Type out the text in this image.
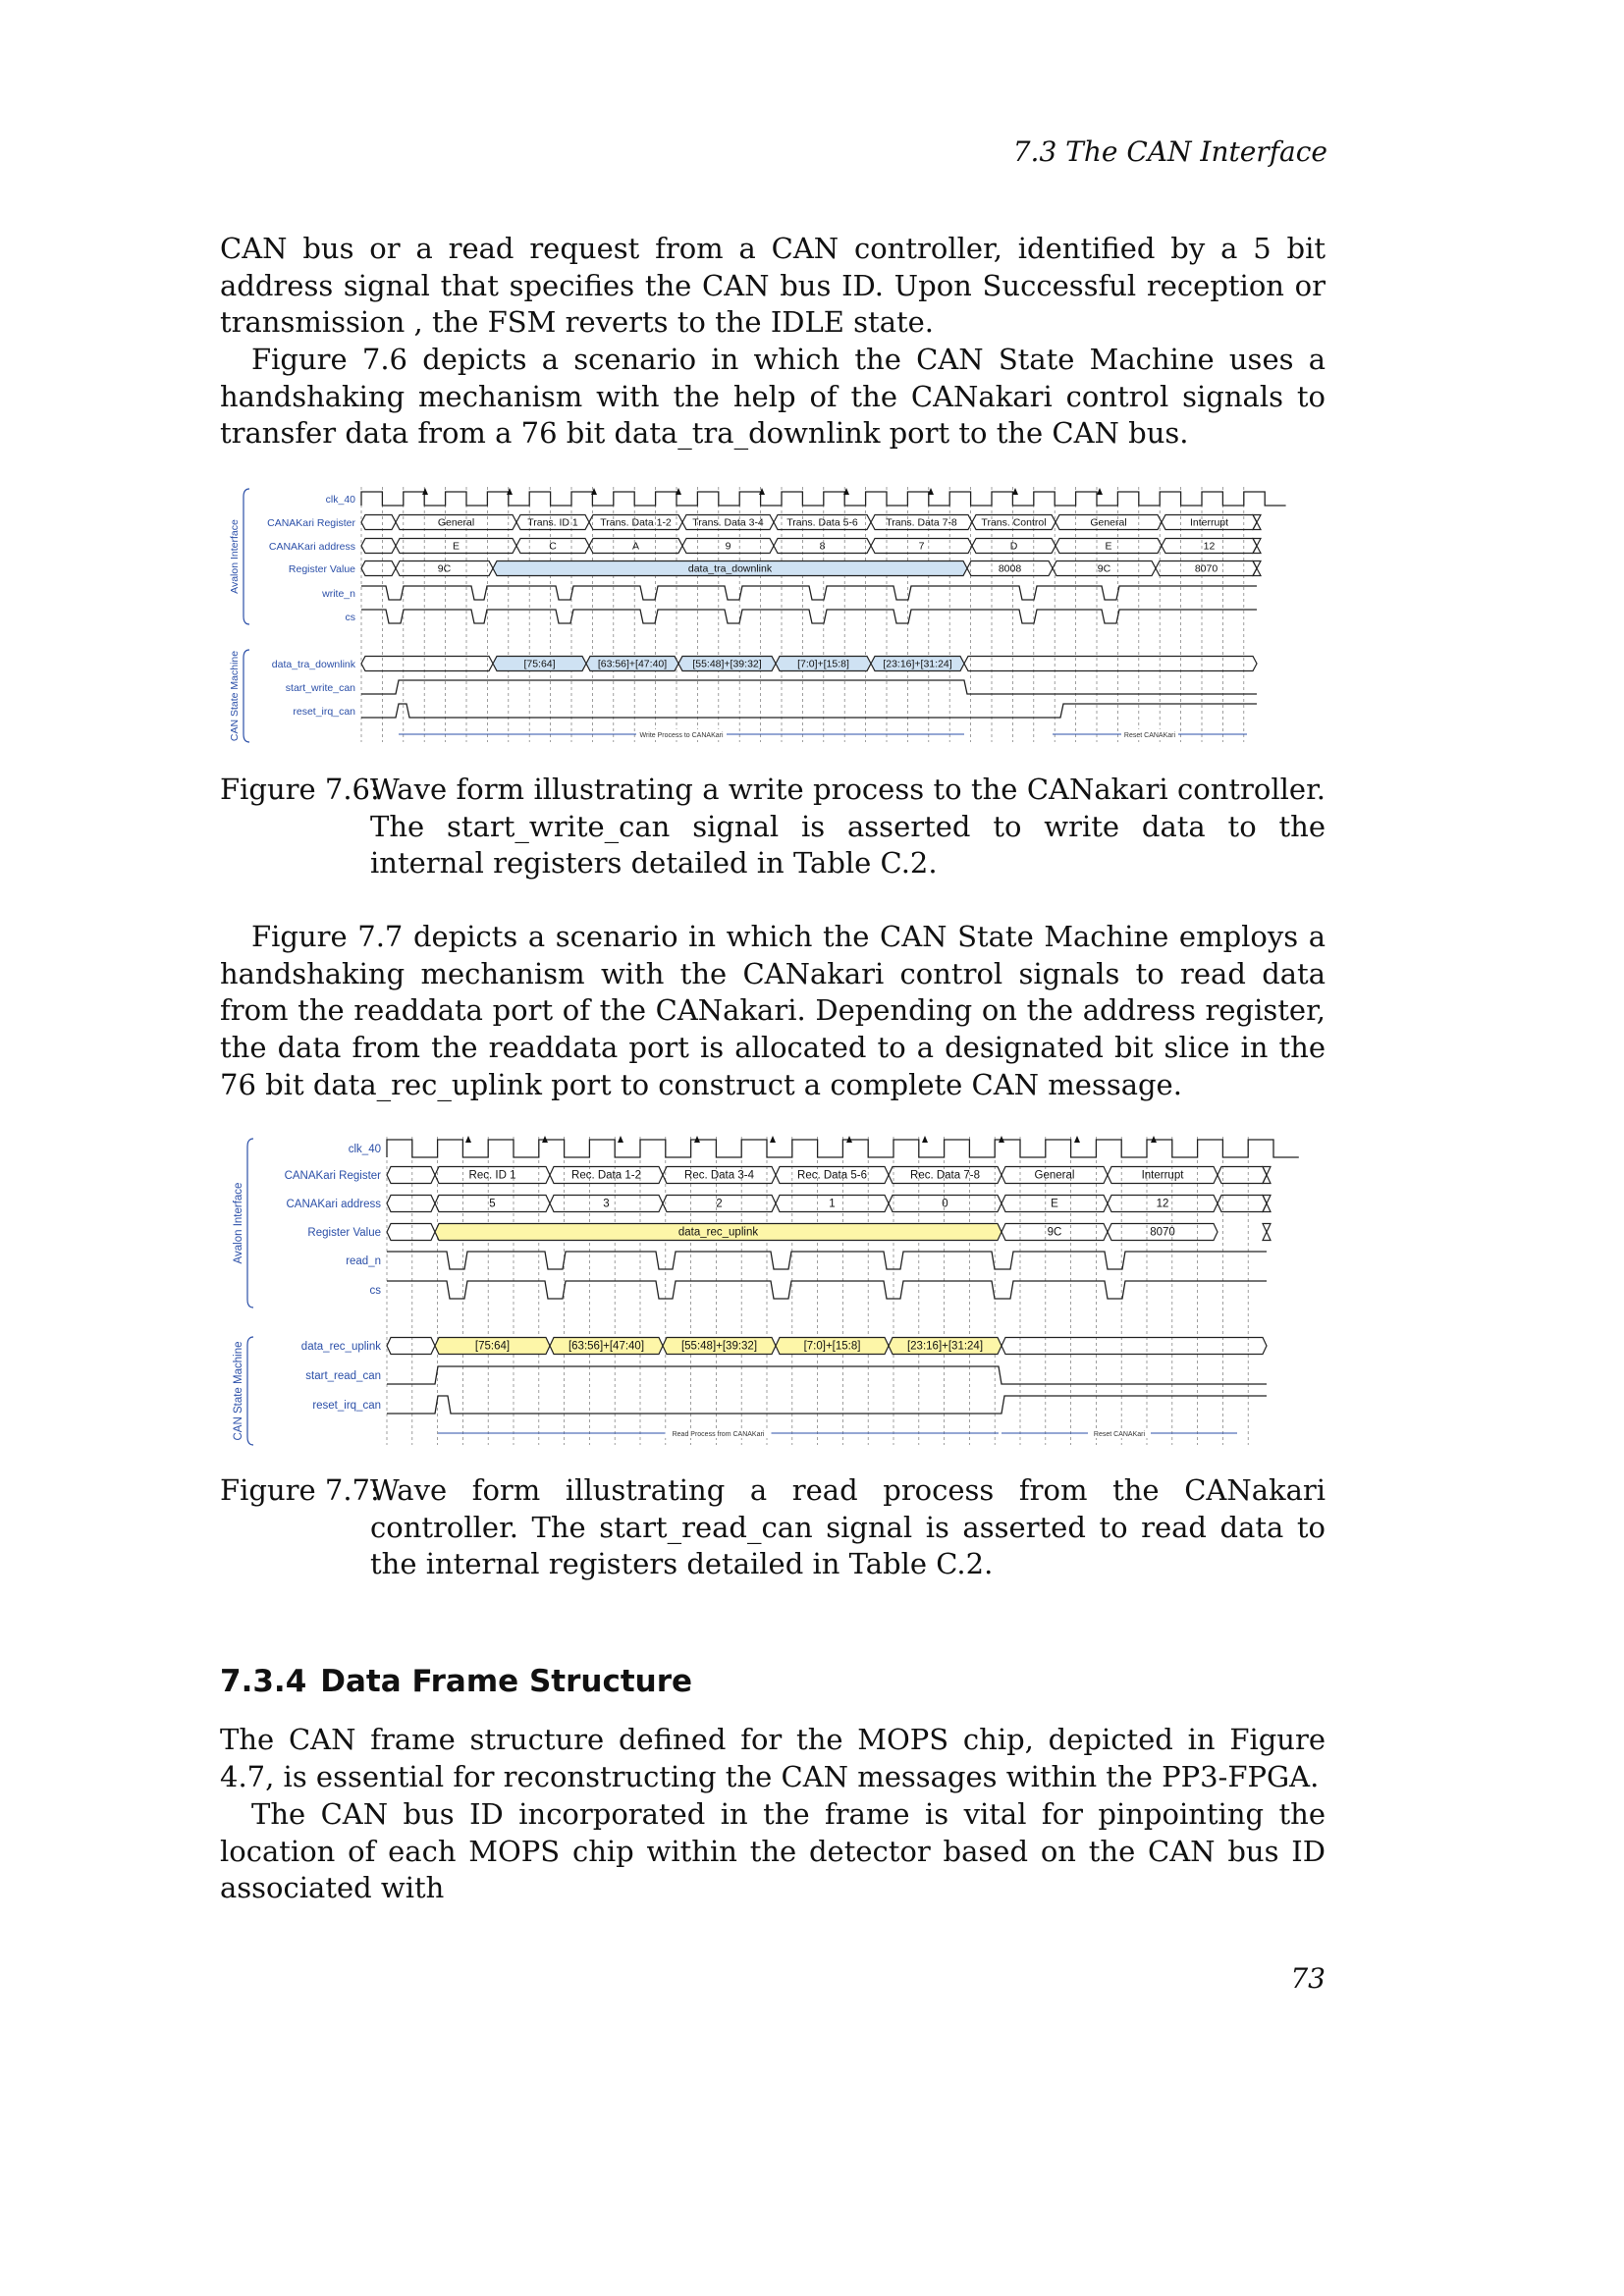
7.3 The CAN Interface

CAN bus or a read request from a CAN controller, identified by a 5 bit address signal that specifies the CAN bus ID. Upon Successful reception or transmission , the FSM reverts to the IDLE state.

Figure 7.6 depicts a scenario in which the CAN State Machine uses a handshaking mechanism with the help of the CANakari control signals to transfer data from a 76 bit data_tra_downlink port to the CAN bus.

clk_40
CANAKari Register
CANAKari address
Register Value
write_n
cs
data_tra_downlink
start_write_can
reset_irq_can
Avalon Interface
CAN State Machine
General	Trans. ID 1 Trans. Data 1-2 Trans. Data 3-4 Trans. Data 5-6	Trans. Data 7-8 Trans. Control	General	Interrupt
E	C	A	9	8	7	D	E	12
9C	data_tra_downlink	8008	9C	8070
[75:64]	[63:56]+[47:40] [55:48]+[39:32]	[7:0]+[15:8]	[23:16]+[31:24]
Write Process to CANAKari	Reset CANAKari
Figure 7.6:
Wave form illustrating a write process to the CANakari controller. The start_write_can signal is asserted to write data to the internal registers detailed in Table C.2.

Figure 7.7 depicts a scenario in which the CAN State Machine employs a handshaking mechanism with the CANakari control signals to read data from the readdata port of the CANakari. Depending on the address register, the data from the readdata port is allocated to a designated bit slice in the 76 bit data_rec_uplink port to construct a complete CAN message.

clk_40
CANAKari Register
CANAKari address
Register Value
read_n
cs
data_rec_uplink
start_read_can
reset_irq_can
Avalon Interface
CAN State Machine
Rec. ID 1	Rec. Data 1-2	Rec. Data 3-4	Rec. Data 5-6	Rec. Data 7-8	General	Interrupt
5	3	2	1	0	E	12
data_rec_uplink	9C	8070
[75:64]	[63:56]+[47:40]	[55:48]+[39:32]	[7:0]+[15:8]	[23:16]+[31:24]
Read Process from CANAKari	Reset CANAKari
Figure 7.7:
Wave form illustrating a read process from the CANakari controller. The start_read_can signal is asserted to read data to the internal registers detailed in Table C.2.
7.3.4 Data Frame Structure

The CAN frame structure defined for the MOPS chip, depicted in Figure 4.7, is essential for reconstructing the CAN messages within the PP3-FPGA.

The CAN bus ID incorporated in the frame is vital for pinpointing the location of each MOPS chip within the detector based on the CAN bus ID associated with

73
